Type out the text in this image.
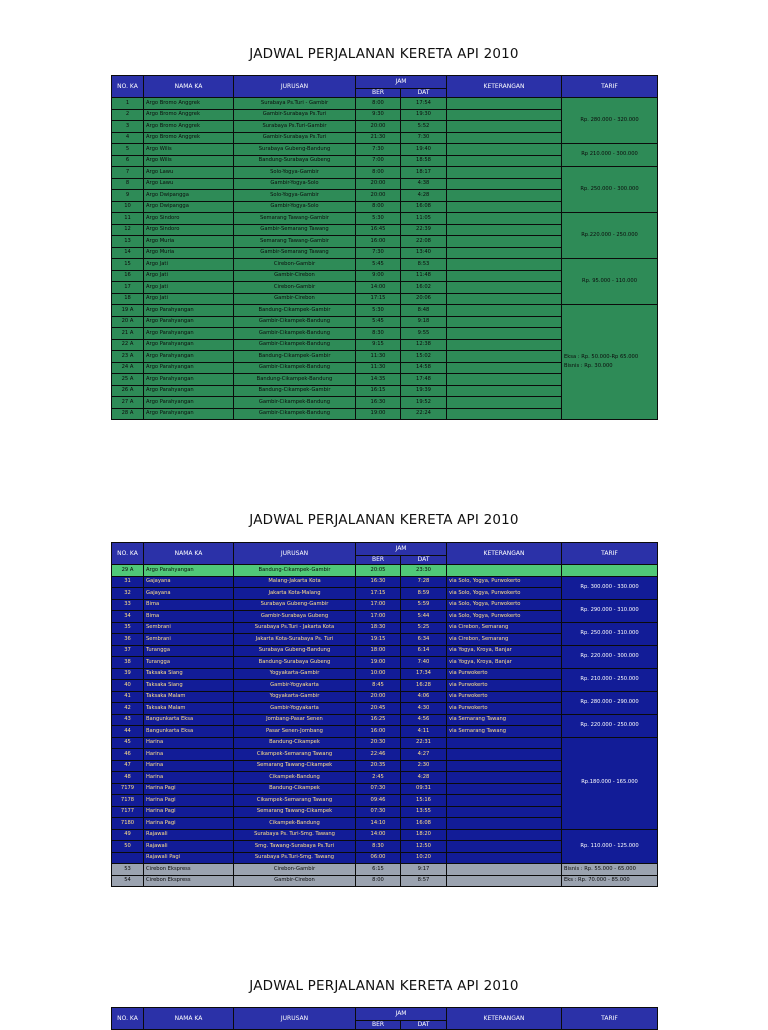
JADWAL PERJALANAN KERETA API 2010
NO. KA	NAMA KA	JURUSAN	JAM		KETERANGAN	TARIF
			BER	DAT		
1	Argo Bromo Anggrek	Surabaya Ps.Turi - Gambir	8:00	17:54		Rp. 280.000 - 320.000
2	Argo Bromo Anggrek	Gambir-Surabaya Ps.Turi	9:30	19:30		
3	Argo Bromo Anggrek	Surabaya Ps.Turi-Gambir	20:00	5:52		
4	Argo Bromo Anggrek	Gambir-Surabaya Ps.Turi	21:30	7:30		
5	Argo Wilis	Surabaya Gubeng-Bandung	7:30	19:40		Rp 210.000 - 300.000
6	Argo Wilis	Bandung-Surabaya Gubeng	7:00	18:58		
7	Argo Lawu	Solo-Yogya-Gambir	8:00	18:17		Rp. 250.000 - 300.000
8	Argo Lawu	Gambir-Yogya-Solo	20:00	4:38		
9	Argo Dwipangga	Solo-Yogya-Gambir	20:00	4:28		
10	Argo Dwipangga	Gambir-Yogya-Solo	8:00	16:08		
11	Argo Sindoro	Semarang Tawang-Gambir	5:30	11:05		Rp.220.000 - 250.000
12	Argo Sindoro	Gambir-Semarang Tawang	16:45	22:39		
13	Argo Muria	Semarang Tawang-Gambir	16:00	22:08		
14	Argo Muria	Gambir-Semarang Tawang	7:30	13:40		
15	Argo Jati	Cirebon-Gambir	5:45	8:53		Rp. 95.000 - 110.000
16	Argo Jati	Gambir-Cirebon	9:00	11:48		
17	Argo Jati	Cirebon-Gambir	14:00	16:02		
18	Argo Jati	Gambir-Cirebon	17:15	20:06		
19 A	Argo Parahyangan	Bandung-Cikampek-Gambir	5:30	8:48		Eksa : Rp. 50.000-Rp 65.000
Bisnis : Rp. 30.000

20 A	Argo Parahyangan	Gambir-Cikampek-Bandung	5:45	9:18		
21 A	Argo Parahyangan	Gambir-Cikampek-Bandung	8:30	9:55		
22 A	Argo Parahyangan	Gambir-Cikampek-Bandung	9:15	12:38		
23 A	Argo Parahyangan	Bandung-Cikampek-Gambir	11:30	15:02		
24 A	Argo Parahyangan	Gambir-Cikampek-Bandung	11:30	14:58		
25 A	Argo Parahyangan	Bandung-Cikampek-Bandung	14:35	17:48		
26 A	Argo Parahyangan	Bandung-Cikampek-Gambir	16:15	19:39		
27 A	Argo Parahyangan	Gambir-Cikampek-Bandung	16:30	19:52		
28 A	Argo Parahyangan	Gambir-Cikampek-Bandung	19:00	22:24		
JADWAL PERJALANAN KERETA API 2010
NO. KA	NAMA KA	JURUSAN	JAM		KETERANGAN	TARIF
			BER	DAT		
29 A	Argo Parahyangan	Bandung-Cikampek-Gambir	20:05	23:30		
31	Gajayana	Malang-Jakarta Kota	16:30	7:28	via Solo, Yogya, Purwokerto	Rp. 300.000 - 330.000
32	Gajayana	Jakarta Kota-Malang	17:15	8:59	via Solo, Yogya, Purwokerto	
33	Bima	Surabaya Gubeng-Gambir	17:00	5:59	via Solo, Yogya, Purwokerto	Rp. 290.000 - 310.000
34	Bima	Gambir-Surabaya Gubeng	17:00	5:44	via Solo, Yogya, Purwokerto	
35	Sembrani	Surabaya Ps.Turi - Jakarta Kota	18:30	5:25	via Cirebon, Semarang	Rp. 250.000 - 310.000
36	Sembrani	Jakarta Kota-Surabaya Ps. Turi	19:15	6:34	via Cirebon, Semarang	
37	Turangga	Surabaya Gubeng-Bandung	18:00	6:14	via Yogya, Kroya, Banjar	Rp. 220.000 - 300.000
38	Turangga	Bandung-Surabaya Gubeng	19:00	7:40	via Yogya, Kroya, Banjar	
39	Taksaka Siang	Yogyakarta-Gambir	10:00	17:34	via Purwokerto	Rp. 210.000 - 250.000
40	Taksaka Siang	Gambir-Yogyakarta	8:45	16:28	via Purwokerto	
41	Taksaka Malam	Yogyakarta-Gambir	20:00	4:06	via Purwokerto	Rp. 280.000 - 290.000
42	Taksaka Malam	Gambir-Yogyakarta	20:45	4:30	via Purwokerto	
43	Bangunkarta Eksa	Jombang-Pasar Senen	16:25	4:56	via Semarang Tawang	Rp. 220.000 - 250.000
44	Bangunkarta Eksa	Pasar Senen-Jombang	16:00	4:11	via Semarang Tawang	
45	Harina	Bandung-Cikampek	20:30	22:31		Rp.180.000 - 165.000
46	Harina	Cikampek-Semarang Tawang	22:46	4:27		
47	Harina	Semarang Tawang-Cikampek	20:35	2:30		
48	Harina	Cikampek-Bandung	2:45	4:28		
7179	Harina Pagi	Bandung-Cikampek	07:30	09:31		
7178	Harina Pagi	Cikampek-Semarang Tawang	09:46	15:16		
7177	Harina Pagi	Semarang Tawang-Cikampek	07:30	13:55		
7180	Harina Pagi	Cikampek-Bandung	14:10	16:08		
49	Rajawali	Surabaya Ps. Turi-Smg. Tawang	14:00	18:20		Rp. 110.000 - 125.000
50	Rajawali	Smg. Tawang-Surabaya Ps.Turi	8:30	12:50		
	Rajawali Pagi	Surabaya Ps.Turi-Smg. Tawang	06:00	10:20		
53	Cirebon Ekspress	Cirebon-Gambir	6:15	9:17		Bisnis : Rp. 55.000 - 65.000
54	Cirebon Ekspress	Gambir-Cirebon	8:00	8:57		Eks : Rp. 70.000 - 85.000
JADWAL PERJALANAN KERETA API 2010
NO. KA	NAMA KA	JURUSAN	JAM		KETERANGAN	TARIF
			BER	DAT		
